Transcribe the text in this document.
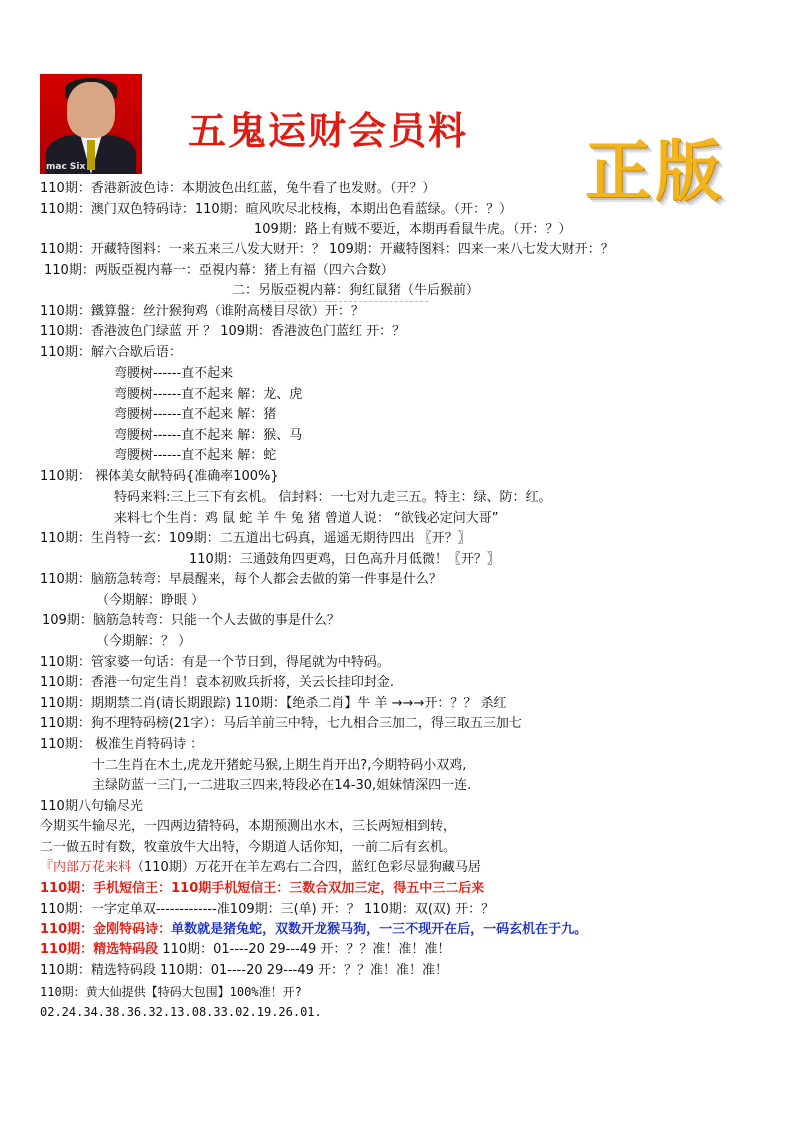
mac Six
五鬼运财会员料
正版

110期：香港新波色诗：本期波色出红蓝，兔牛看了也发财。（开？）

110期：澳门双色特码诗：110期：暄风吹尽北枝梅，本期出色看蓝绿。（开：？）

109期：路上有贼不要近，本期再看鼠牛虎。（开：？）

110期：开藏特图料：一来五来三八发大财开：？ 109期：开藏特图料：四来一来八七发大财开：？

110期：两版亞視内幕一：亞視内幕：猪上有福（四六合数）

二：另版亞視内幕：狗红鼠猪（牛后猴前）

110期：鐵算盤：丝汁猴狗鸡（谁附高楼目尽欲）开：？

110期：香港波色门绿蓝 开 ？ 109期：香港波色门蓝红 开：？

110期：解六合歇后语：

弯腰树------直不起来

弯腰树------直不起来 解：龙、虎

弯腰树------直不起来 解：猪

弯腰树------直不起来 解：猴、马

弯腰树------直不起来 解：蛇

110期： 裸体美女献特码{准确率100%}

特码来料:三上三下有玄机。 信封料：一七对九走三五。特主：绿、防：红。

来料七个生肖：鸡 鼠 蛇 羊 牛 兔 猪 曾道人说： “欲钱必定问大哥”

110期：生肖特一玄：109期：二五道出七码真，遥遥无期待四出 〖开？〗

110期：三通鼓角四更鸡，日色高升月低微！〖开？〗

110期：脑筋急转弯：早晨醒来，每个人都会去做的第一件事是什么？

（今期解：睁眼 ）

109期：脑筋急转弯：只能一个人去做的事是什么？

（今期解：？ ）

110期：管家婆一句话：有是一个节日到，得尾就为中特码。

110期：香港一句定生肖！袁本初败兵折将，关云长挂印封金.

110期：期期禁二肖(请长期跟踪) 110期：【绝杀二肖】牛 羊 →→→开：？？ 杀红

110期：狗不理特码榜(21字）：马后羊前三中特，七九相合三加二，得三取五三加七

110期： 极准生肖特码诗 ：

十二生肖在木土,虎龙开猪蛇马猴,上期生肖开出?,今期特码小双鸡,

主绿防蓝一三门,一二进取三四来,特段必在14-30,姐妹情深四一连.

110期八句输尽光

今期买牛输尽光，一四两边猜特码，本期预测出水木，三长两短相到转，

二一做五时有数，牧童放牛大出特，今期道人话你知，一前二后有玄机。

『内部万花来料（110期）万花开在羊左鸡右二合四，蓝红色彩尽显狗藏马居

110期：手机短信王：110期手机短信王：三数合双加三定，得五中三二后来

110期：一字定单双-------------准109期：三(单) 开：？ 110期：双(双) 开：？

110期：金刚特码诗：单数就是猪兔蛇，双数开龙猴马狗，一三不现开在后，一码玄机在于九。

110期：精选特码段 110期：01----20 29---49 开：？？准！准！准！

110期：精选特码段 110期：01----20 29---49 开：？？准！准！准！

110期：黄大仙提供【特码大包围】100%准！开?

02.24.34.38.36.32.13.08.33.02.19.26.01.
